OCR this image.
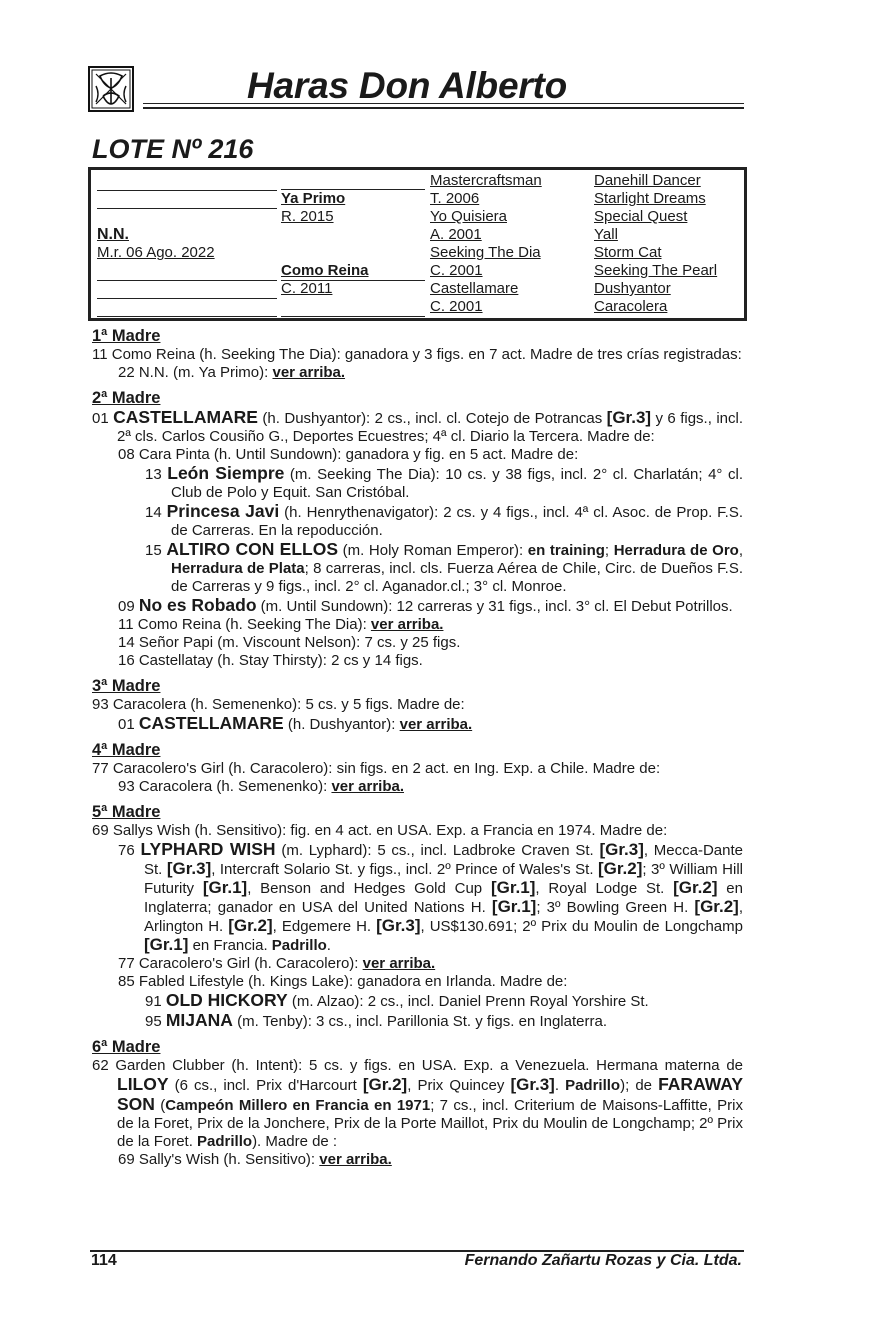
Haras Don Alberto
LOTE Nº 216
N.N.
M.r. 06 Ago. 2022
Ya Primo
R. 2015
Como Reina
C. 2011
Mastercraftsman
T. 2006
Yo Quisiera
A. 2001
Seeking The Dia
C. 2001
Castellamare
C. 2001
Danehill Dancer
Starlight Dreams
Special Quest
Yall
Storm Cat
Seeking The Pearl
Dushyantor
Caracolera
1ª Madre
11 Como Reina (h. Seeking The Dia): ganadora y 3 figs. en 7 act. Madre de tres crías registradas:
22 N.N. (m. Ya Primo): ver arriba.
2ª Madre
01 CASTELLAMARE (h. Dushyantor): 2 cs., incl. cl. Cotejo de Potrancas [Gr.3] y 6 figs., incl. 2ª cls. Carlos Cousiño G., Deportes Ecuestres; 4ª cl. Diario la Tercera. Madre de:
08 Cara Pinta (h. Until Sundown): ganadora y fig. en 5 act. Madre de:
13 León Siempre (m. Seeking The Dia): 10 cs. y 38 figs, incl. 2° cl. Charlatán; 4° cl. Club de Polo y Equit. San Cristóbal.
14 Princesa Javi (h. Henrythenavigator): 2 cs. y 4 figs., incl. 4ª cl. Asoc. de Prop. F.S. de Carreras. En la repoducción.
15 ALTIRO CON ELLOS (m. Holy Roman Emperor): en training; Herradura de Oro, Herradura de Plata; 8 carreras, incl. cls. Fuerza Aérea de Chile, Circ. de Dueños F.S. de Carreras y 9 figs., incl. 2° cl. Aganador.cl.; 3° cl. Monroe.
09 No es Robado (m. Until Sundown): 12 carreras y 31 figs., incl. 3° cl. El Debut Potrillos.
11 Como Reina (h. Seeking The Dia): ver arriba.
14 Señor Papi (m. Viscount Nelson): 7 cs. y 25 figs.
16 Castellatay (h. Stay Thirsty): 2 cs y 14 figs.
3ª Madre
93 Caracolera (h. Semenenko): 5 cs. y 5 figs. Madre de:
01 CASTELLAMARE (h. Dushyantor): ver arriba.
4ª Madre
77 Caracolero's Girl (h. Caracolero): sin figs. en 2 act. en Ing. Exp. a Chile. Madre de:
93 Caracolera (h. Semenenko): ver arriba.
5ª Madre
69 Sallys Wish (h. Sensitivo): fig. en 4 act. en USA. Exp. a Francia en 1974. Madre de:
76 LYPHARD WISH (m. Lyphard): 5 cs., incl. Ladbroke Craven St. [Gr.3], Mecca-Dante St. [Gr.3], Intercraft Solario St. y figs., incl. 2º Prince of Wales's St. [Gr.2]; 3º William Hill Futurity [Gr.1], Benson and Hedges Gold Cup [Gr.1], Royal Lodge St. [Gr.2] en Inglaterra; ganador en USA del United Nations H. [Gr.1]; 3º Bowling Green H. [Gr.2], Arlington H. [Gr.2], Edgemere H. [Gr.3], US$130.691; 2º Prix du Moulin de Longchamp [Gr.1] en Francia. Padrillo.
77 Caracolero's Girl (h. Caracolero): ver arriba.
85 Fabled Lifestyle (h. Kings Lake): ganadora en Irlanda. Madre de:
91 OLD HICKORY (m. Alzao): 2 cs., incl. Daniel Prenn Royal Yorshire St.
95 MIJANA (m. Tenby): 3 cs., incl. Parillonia St. y figs. en Inglaterra.
6ª Madre
62 Garden Clubber (h. Intent): 5 cs. y figs. en USA. Exp. a Venezuela. Hermana materna de LILOY (6 cs., incl. Prix d'Harcourt [Gr.2], Prix Quincey [Gr.3]. Padrillo); de FARAWAY SON (Campeón Millero en Francia en 1971; 7 cs., incl. Criterium de Maisons-Laffitte, Prix de la Foret, Prix de la Jonchere, Prix de la Porte Maillot, Prix du Moulin de Longchamp; 2º Prix de la Foret. Padrillo). Madre de :
69 Sally's Wish (h. Sensitivo): ver arriba.
114	Fernando Zañartu Rozas y Cia. Ltda.
